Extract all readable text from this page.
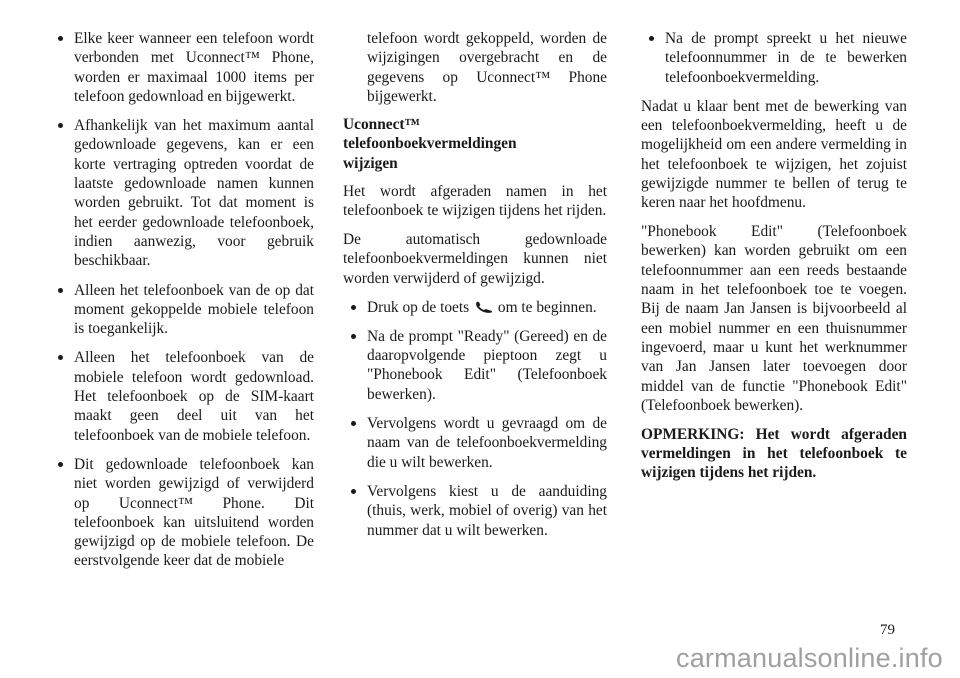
Elke keer wanneer een telefoon wordt verbonden met Uconnect™ Phone, worden er maximaal 1000 items per telefoon gedownload en bijgewerkt.
Afhankelijk van het maximum aantal gedownloade gegevens, kan er een korte vertraging optreden voordat de laatste gedownloade namen kunnen worden gebruikt. Tot dat moment is het eerder gedownloade telefoonboek, indien aanwezig, voor gebruik beschikbaar.
Alleen het telefoonboek van de op dat moment gekoppelde mobiele telefoon is toegankelijk.
Alleen het telefoonboek van de mobiele telefoon wordt gedownload. Het telefoonboek op de SIM-kaart maakt geen deel uit van het telefoonboek van de mobiele telefoon.
Dit gedownloade telefoonboek kan niet worden gewijzigd of verwijderd op Uconnect™ Phone. Dit telefoonboek kan uitsluitend worden gewijzigd op de mobiele telefoon. De eerstvolgende keer dat de mobiele
telefoon wordt gekoppeld, worden de wijzigingen overgebracht en de gegevens op Uconnect™ Phone bijgewerkt.
Uconnect™
telefoonboekvermeldingen
wijzigen

Het wordt afgeraden namen in het telefoonboek te wijzigen tijdens het rijden.

De automatisch gedownloade telefoonboekvermeldingen kunnen niet worden verwijderd of gewijzigd.

Druk op de toets om te beginnen.
Na de prompt "Ready" (Gereed) en de daaropvolgende pieptoon zegt u "Phonebook Edit" (Telefoonboek bewerken).
Vervolgens wordt u gevraagd om de naam van de telefoonboekvermelding die u wilt bewerken.
Vervolgens kiest u de aanduiding (thuis, werk, mobiel of overig) van het nummer dat u wilt bewerken.
Na de prompt spreekt u het nieuwe telefoonnummer in de te bewerken telefoonboekvermelding.

Nadat u klaar bent met de bewerking van een telefoonboekvermelding, heeft u de mogelijkheid om een andere vermelding in het telefoonboek te wijzigen, het zojuist gewijzigde nummer te bellen of terug te keren naar het hoofdmenu.

"Phonebook Edit" (Telefoonboek bewerken) kan worden gebruikt om een telefoonnummer aan een reeds bestaande naam in het telefoonboek toe te voegen. Bij de naam Jan Jansen is bijvoorbeeld al een mobiel nummer en een thuisnummer ingevoerd, maar u kunt het werknummer van Jan Jansen later toevoegen door middel van de functie "Phonebook Edit" (Telefoonboek bewerken).

OPMERKING: Het wordt afgeraden vermeldingen in het telefoonboek te wijzigen tijdens het rijden.

79
carmanualsonline.info
